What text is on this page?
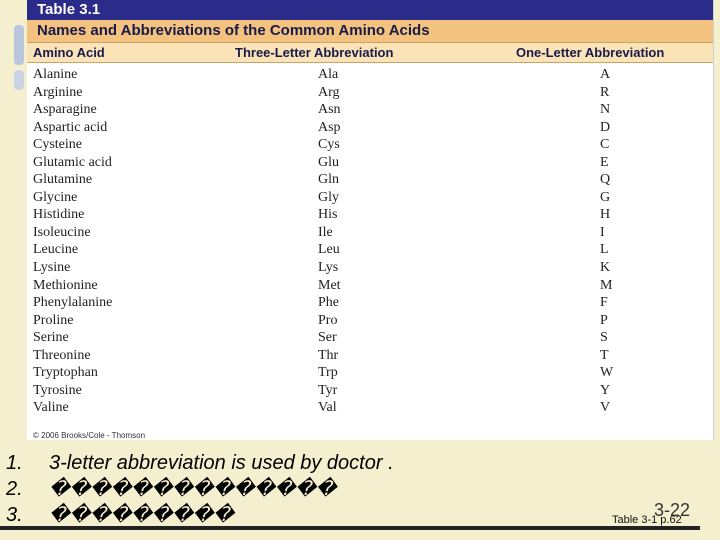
Table 3.1
Names and Abbreviations of the Common Amino Acids
Amino Acid	Three-Letter Abbreviation	One-Letter Abbreviation
Alanine	Ala	A
Arginine	Arg	R
Asparagine	Asn	N
Aspartic acid	Asp	D
Cysteine	Cys	C
Glutamic acid	Glu	E
Glutamine	Gln	Q
Glycine	Gly	G
Histidine	His	H
Isoleucine	Ile	I
Leucine	Leu	L
Lysine	Lys	K
Methionine	Met	M
Phenylalanine	Phe	F
Proline	Pro	P
Serine	Ser	S
Threonine	Thr	T
Tryptophan	Trp	W
Tyrosine	Tyr	Y
Valine	Val	V
© 2006 Brooks/Cole - Thomson
1. 3-letter abbreviation is used by doctor .
2. ��������������
3. ���������	3-22
Table 3-1 p.62
